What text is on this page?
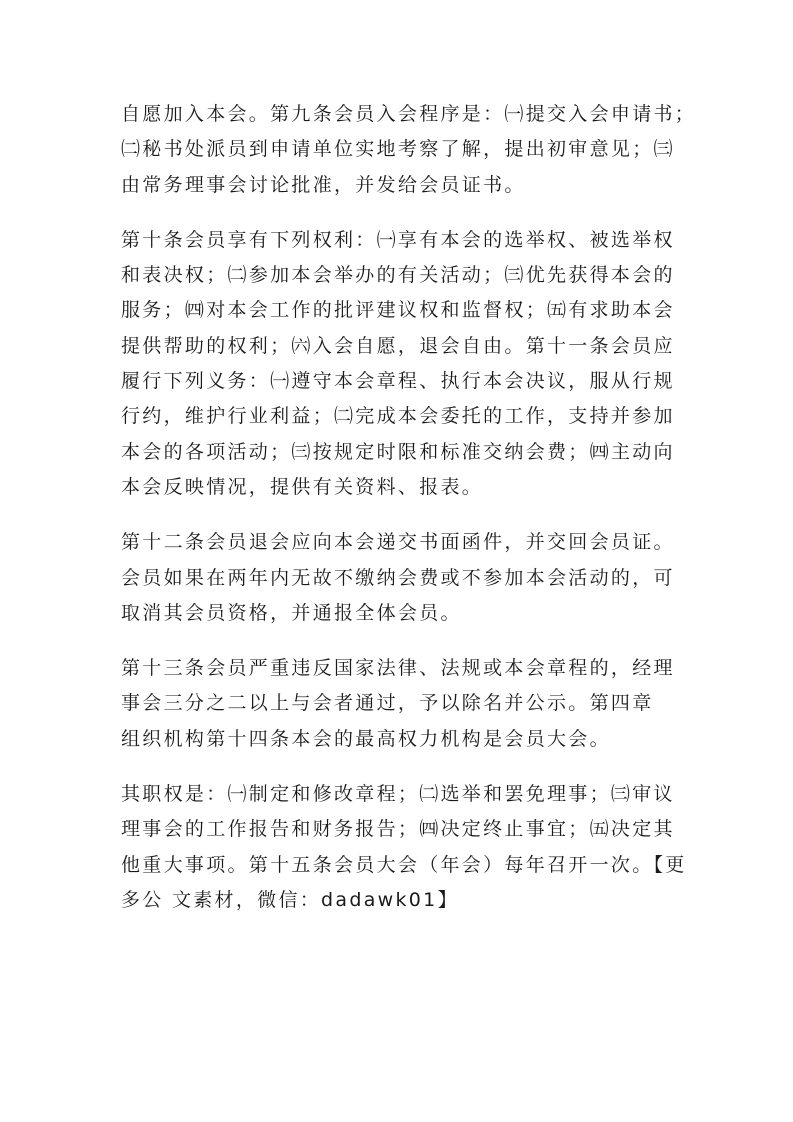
自愿加入本会。第九条会员入会程序是：㈠提交入会申请书；
㈡秘书处派员到申请单位实地考察了解，提出初审意见；㈢
由常务理事会讨论批准，并发给会员证书。

第十条会员享有下列权利：㈠享有本会的选举权、被选举权
和表决权；㈡参加本会举办的有关活动；㈢优先获得本会的
服务；㈣对本会工作的批评建议权和监督权；㈤有求助本会
提供帮助的权利；㈥入会自愿，退会自由。第十一条会员应
履行下列义务：㈠遵守本会章程、执行本会决议，服从行规
行约，维护行业利益；㈡完成本会委托的工作，支持并参加
本会的各项活动；㈢按规定时限和标准交纳会费；㈣主动向
本会反映情况，提供有关资料、报表。

第十二条会员退会应向本会递交书面函件，并交回会员证。
会员如果在两年内无故不缴纳会费或不参加本会活动的，可
取消其会员资格，并通报全体会员。

第十三条会员严重违反国家法律、法规或本会章程的，经理
事会三分之二以上与会者通过，予以除名并公示。第四章
组织机构第十四条本会的最高权力机构是会员大会。

其职权是：㈠制定和修改章程；㈡选举和罢免理事；㈢审议
理事会的工作报告和财务报告；㈣决定终止事宜；㈤决定其
他重大事项。第十五条会员大会（年会）每年召开一次。【更
多公 文素材，微信：dadawk01】
